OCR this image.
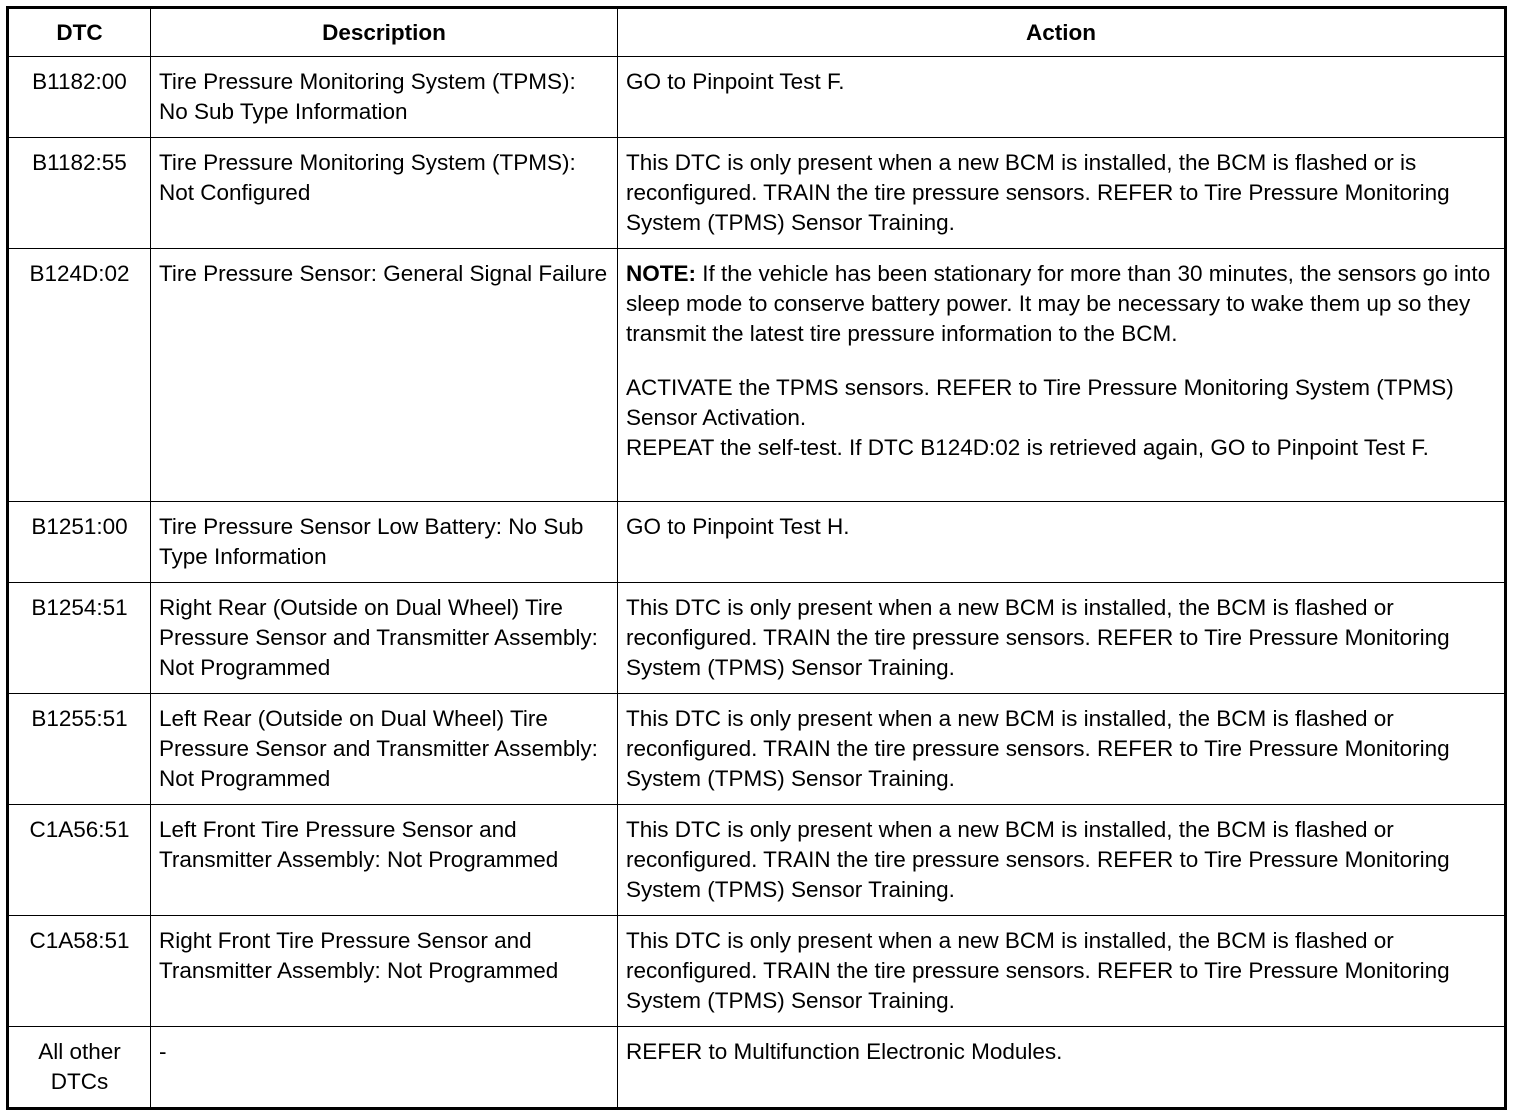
DTC	Description	Action
B1182:00	Tire Pressure Monitoring System (TPMS): No Sub Type Information	GO to Pinpoint Test F.
B1182:55	Tire Pressure Monitoring System (TPMS): Not Configured	This DTC is only present when a new BCM is installed, the BCM is flashed or is reconfigured. TRAIN the tire pressure sensors. REFER to Tire Pressure Monitoring System (TPMS) Sensor Training.
B124D:02	Tire Pressure Sensor: General Signal Failure	NOTE: If the vehicle has been stationary for more than 30 minutes, the sensors go into sleep mode to conserve battery power. It may be necessary to wake them up so they transmit the latest tire pressure information to the BCM.

ACTIVATE the TPMS sensors. REFER to Tire Pressure Monitoring System (TPMS) Sensor Activation.

REPEAT the self-test. If DTC B124D:02 is retrieved again, GO to Pinpoint Test F.

B1251:00	Tire Pressure Sensor Low Battery: No Sub Type Information	GO to Pinpoint Test H.
B1254:51	Right Rear (Outside on Dual Wheel) Tire Pressure Sensor and Transmitter Assembly: Not Programmed	This DTC is only present when a new BCM is installed, the BCM is flashed or reconfigured. TRAIN the tire pressure sensors. REFER to Tire Pressure Monitoring System (TPMS) Sensor Training.
B1255:51	Left Rear (Outside on Dual Wheel) Tire Pressure Sensor and Transmitter Assembly: Not Programmed	This DTC is only present when a new BCM is installed, the BCM is flashed or reconfigured. TRAIN the tire pressure sensors. REFER to Tire Pressure Monitoring System (TPMS) Sensor Training.
C1A56:51	Left Front Tire Pressure Sensor and Transmitter Assembly: Not Programmed	This DTC is only present when a new BCM is installed, the BCM is flashed or reconfigured. TRAIN the tire pressure sensors. REFER to Tire Pressure Monitoring System (TPMS) Sensor Training.
C1A58:51	Right Front Tire Pressure Sensor and Transmitter Assembly: Not Programmed	This DTC is only present when a new BCM is installed, the BCM is flashed or reconfigured. TRAIN the tire pressure sensors. REFER to Tire Pressure Monitoring System (TPMS) Sensor Training.
All other DTCs	-	REFER to Multifunction Electronic Modules.
